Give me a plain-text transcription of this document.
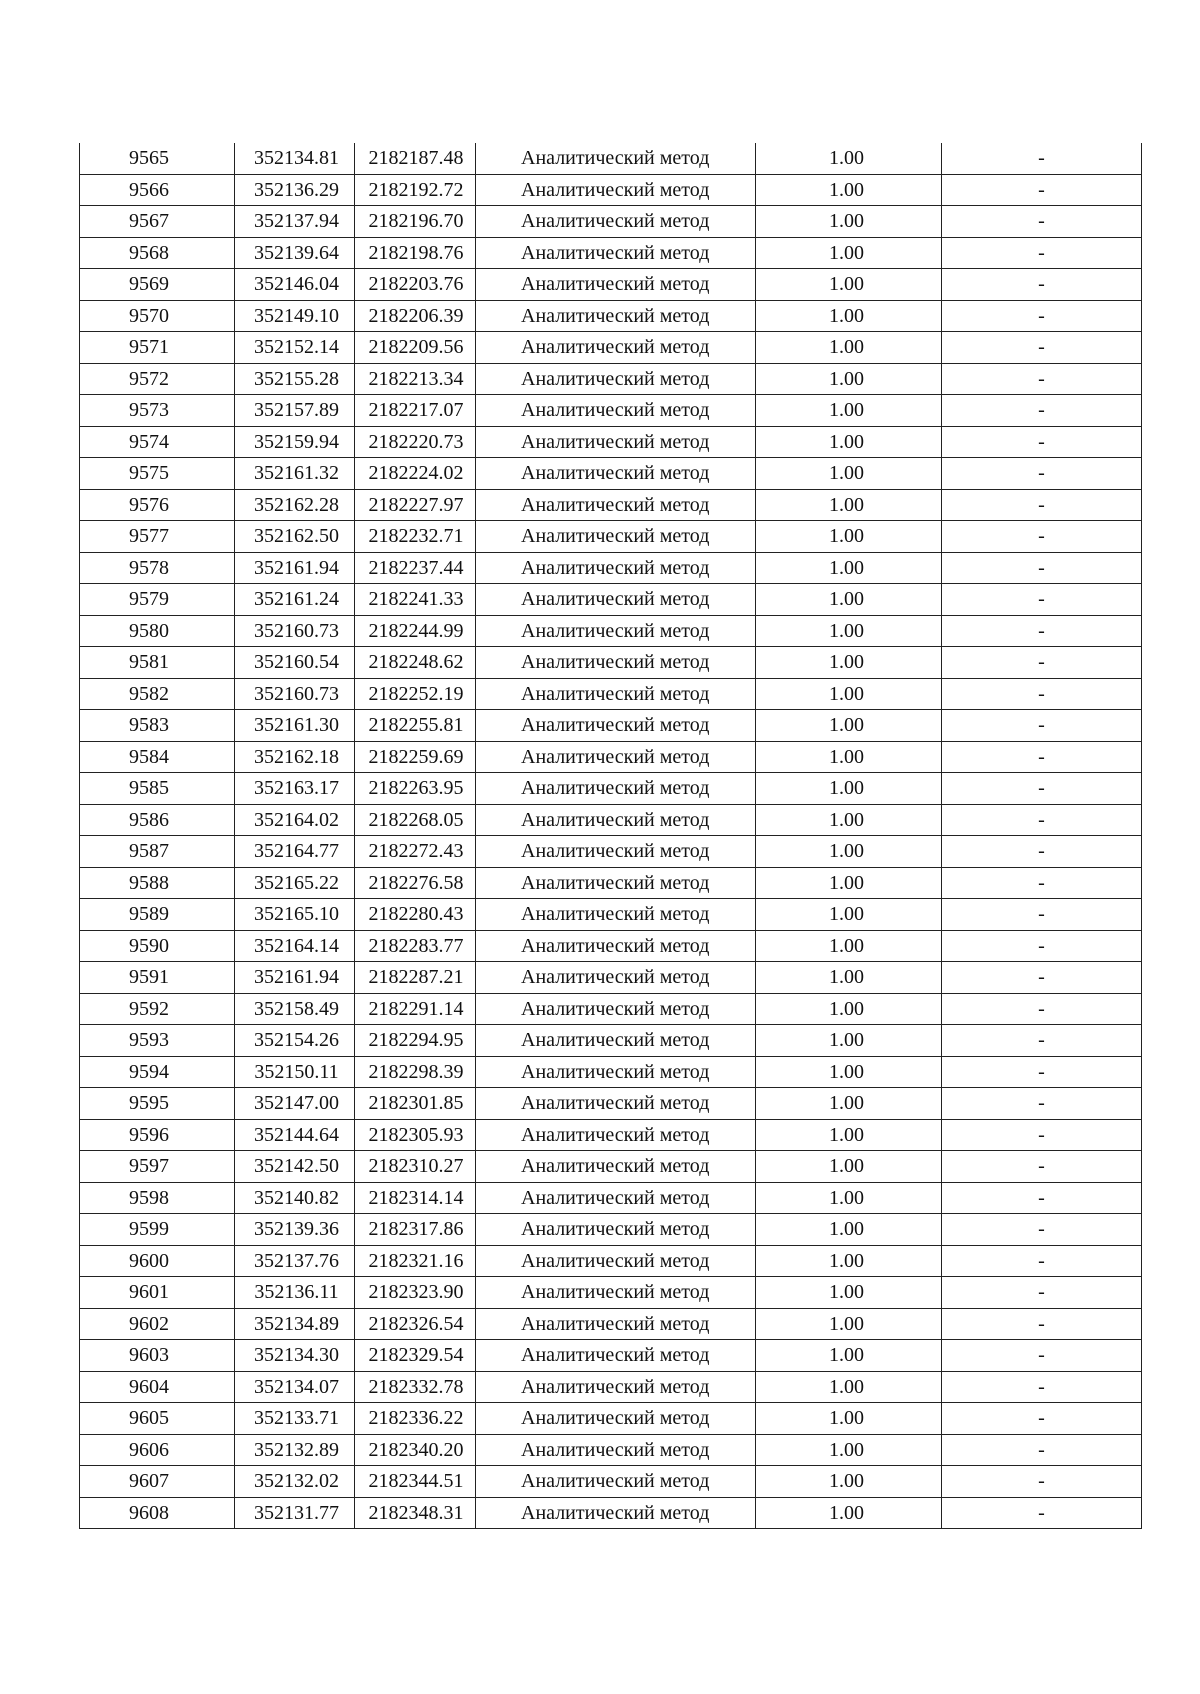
9565	352134.81	2182187.48	Аналитический метод	1.00	-
9566	352136.29	2182192.72	Аналитический метод	1.00	-
9567	352137.94	2182196.70	Аналитический метод	1.00	-
9568	352139.64	2182198.76	Аналитический метод	1.00	-
9569	352146.04	2182203.76	Аналитический метод	1.00	-
9570	352149.10	2182206.39	Аналитический метод	1.00	-
9571	352152.14	2182209.56	Аналитический метод	1.00	-
9572	352155.28	2182213.34	Аналитический метод	1.00	-
9573	352157.89	2182217.07	Аналитический метод	1.00	-
9574	352159.94	2182220.73	Аналитический метод	1.00	-
9575	352161.32	2182224.02	Аналитический метод	1.00	-
9576	352162.28	2182227.97	Аналитический метод	1.00	-
9577	352162.50	2182232.71	Аналитический метод	1.00	-
9578	352161.94	2182237.44	Аналитический метод	1.00	-
9579	352161.24	2182241.33	Аналитический метод	1.00	-
9580	352160.73	2182244.99	Аналитический метод	1.00	-
9581	352160.54	2182248.62	Аналитический метод	1.00	-
9582	352160.73	2182252.19	Аналитический метод	1.00	-
9583	352161.30	2182255.81	Аналитический метод	1.00	-
9584	352162.18	2182259.69	Аналитический метод	1.00	-
9585	352163.17	2182263.95	Аналитический метод	1.00	-
9586	352164.02	2182268.05	Аналитический метод	1.00	-
9587	352164.77	2182272.43	Аналитический метод	1.00	-
9588	352165.22	2182276.58	Аналитический метод	1.00	-
9589	352165.10	2182280.43	Аналитический метод	1.00	-
9590	352164.14	2182283.77	Аналитический метод	1.00	-
9591	352161.94	2182287.21	Аналитический метод	1.00	-
9592	352158.49	2182291.14	Аналитический метод	1.00	-
9593	352154.26	2182294.95	Аналитический метод	1.00	-
9594	352150.11	2182298.39	Аналитический метод	1.00	-
9595	352147.00	2182301.85	Аналитический метод	1.00	-
9596	352144.64	2182305.93	Аналитический метод	1.00	-
9597	352142.50	2182310.27	Аналитический метод	1.00	-
9598	352140.82	2182314.14	Аналитический метод	1.00	-
9599	352139.36	2182317.86	Аналитический метод	1.00	-
9600	352137.76	2182321.16	Аналитический метод	1.00	-
9601	352136.11	2182323.90	Аналитический метод	1.00	-
9602	352134.89	2182326.54	Аналитический метод	1.00	-
9603	352134.30	2182329.54	Аналитический метод	1.00	-
9604	352134.07	2182332.78	Аналитический метод	1.00	-
9605	352133.71	2182336.22	Аналитический метод	1.00	-
9606	352132.89	2182340.20	Аналитический метод	1.00	-
9607	352132.02	2182344.51	Аналитический метод	1.00	-
9608	352131.77	2182348.31	Аналитический метод	1.00	-
